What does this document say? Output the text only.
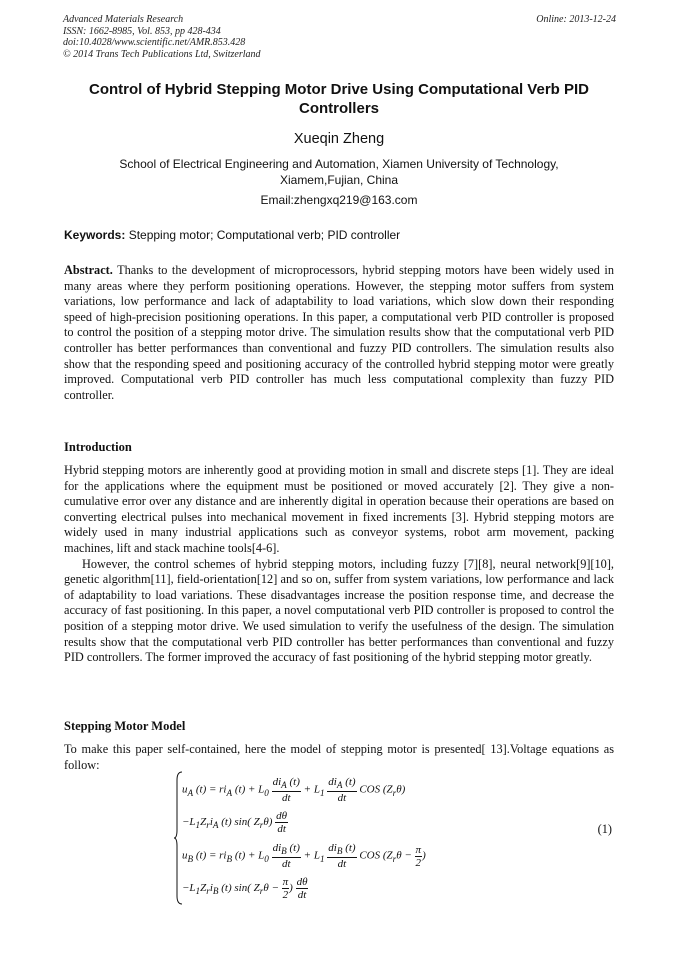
Advanced Materials Research
ISSN: 1662-8985, Vol. 853, pp 428-434
doi:10.4028/www.scientific.net/AMR.853.428
© 2014 Trans Tech Publications Ltd, Switzerland
Online: 2013-12-24
Control of Hybrid Stepping Motor Drive Using Computational Verb PID Controllers
Xueqin Zheng
School of Electrical Engineering and Automation, Xiamen University of Technology, Xiamem,Fujian, China
Email:zhengxq219@163.com
Keywords: Stepping motor; Computational verb; PID controller
Abstract. Thanks to the development of microprocessors, hybrid stepping motors have been widely used in many areas where they perform positioning operations. However, the stepping motor suffers from system variations, low performance and lack of adaptability to load variations, which slow down their responding speed of high-precision positioning operations. In this paper, a computational verb PID controller is proposed to control the position of a stepping motor drive. The simulation results show that the computational verb PID controller has better performances than conventional and fuzzy PID controllers. The simulation results also show that the responding speed and positioning accuracy of the controlled hybrid stepping motor were greatly improved. Computational verb PID controller has much less computational complexity than fuzzy PID controller.
Introduction
Hybrid stepping motors are inherently good at providing motion in small and discrete steps [1]. They are ideal for the applications where the equipment must be positioned or moved accurately [2]. They give a non-cumulative error over any distance and are inherently digital in operation because their operations are based on converting electrical pulses into mechanical movement in fixed increments [3]. Hybrid stepping motors are widely used in many industrial applications such as conveyor systems, robot arm movement, packing machines, lift and stack machine tools[4-6].
However, the control schemes of hybrid stepping motors, including fuzzy [7][8], neural network[9][10], genetic algorithm[11], field-orientation[12] and so on, suffer from system variations, low performance and lack of adaptability to load variations. These disadvantages increase the position response time, and decrease the accuracy of fast positioning. In this paper, a novel computational verb PID controller is proposed to control the position of a stepping motor drive. We used simulation to verify the usefulness of the design. The simulation results show that the computational verb PID controller has better performances than conventional and fuzzy PID controllers. The former improved the accuracy of fast positioning of the hybrid stepping motor greatly.
Stepping Motor Model
To make this paper self-contained, here the model of stepping motor is presented[ 13].Voltage equations as follow:
$u_A$ $(t) = ri_A$ $(t) + L_0 \frac{di_A (t)}{dt} + L_1 \frac{di_A (t)}{dt}$ COS $(Z_r\theta)$
$-L_1Z_ri_A$ (t) sin( $Z_r\theta) \frac{d\theta}{dt}$
$u_B$ $(t) = ri_B$ $(t) + L_0 \frac{di_B (t)}{dt} + L_1 \frac{di_B (t)}{dt}$ COS ($Z_r\theta - \frac{\pi}{2}$ )
$-L_1Z_ri_B$ (t) sin( $Z_r\theta - \frac{\pi}{2}$ ) $\frac{d\theta}{dt}$
(1)
